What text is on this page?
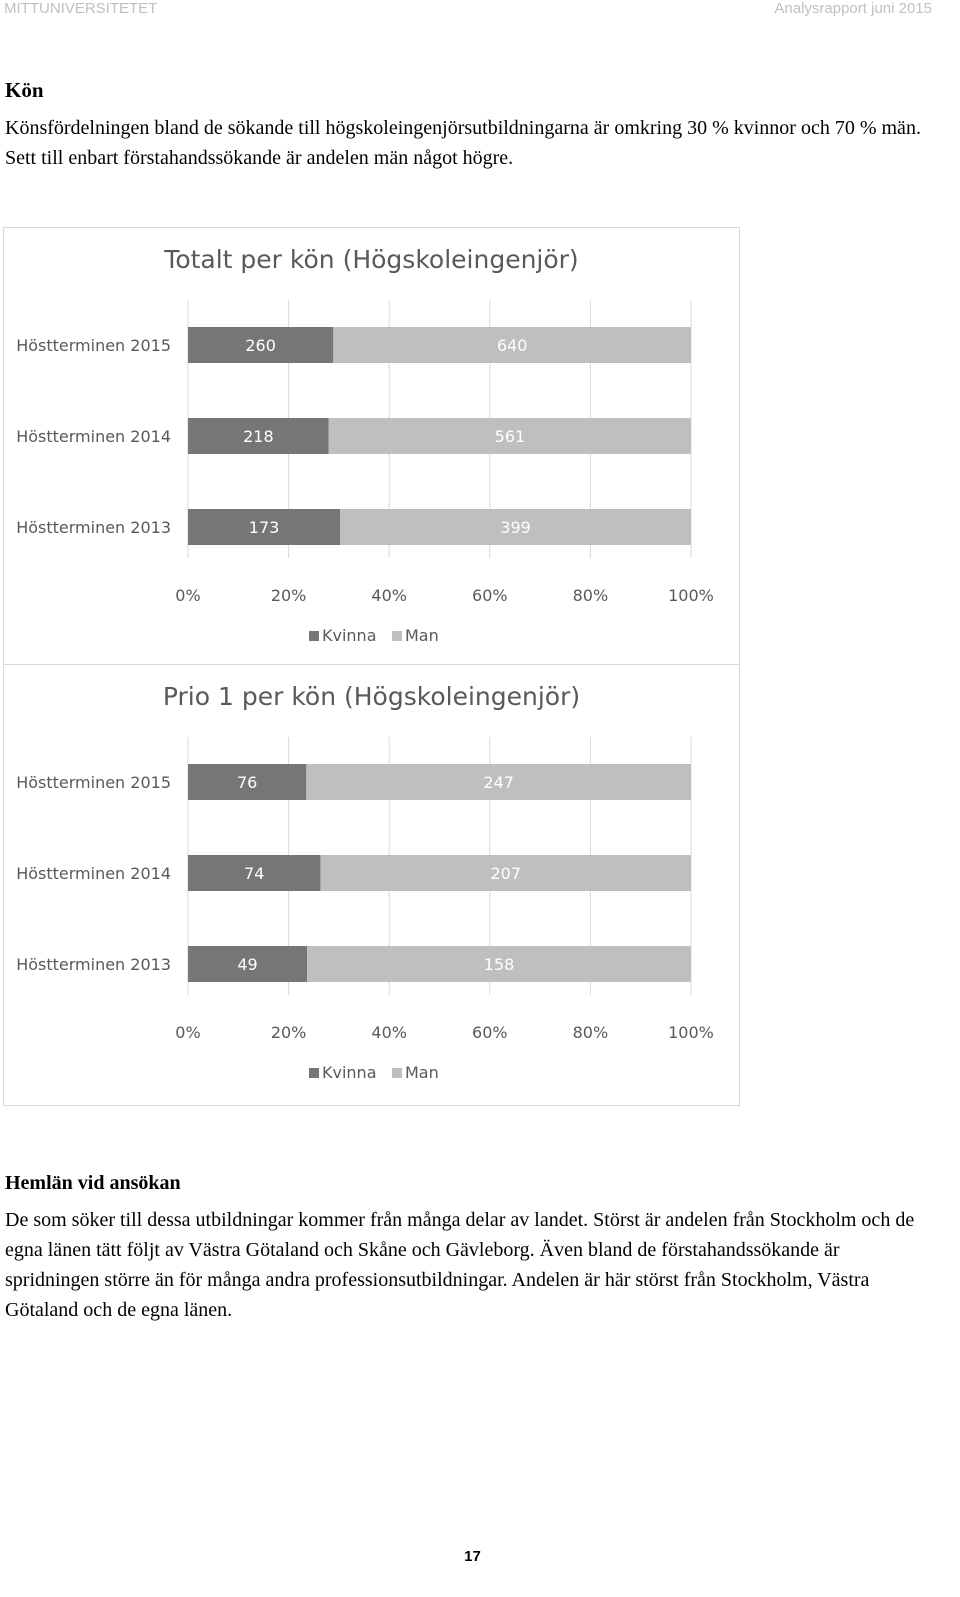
MITTUNIVERSITETET	Analysrapport juni 2015
Kön
Könsfördelningen bland de sökande till högskoleingenjörsutbildningarna är omkring 30 % kvinnor och 70 % män. Sett till enbart förstahandssökande är andelen män något högre.
Totalt per kön (Högskoleingenjör)
Höstterminen 2015	260	640
Höstterminen 2014	218	561
Höstterminen 2013	173	399
0%	20%	40%	60%	80%	100%
Kvinna Man
Prio 1 per kön (Högskoleingenjör)
Höstterminen 2015	76	247
Höstterminen 2014	74	207
Höstterminen 2013	49	158
0%	20%	40%	60%	80%	100%
Kvinna Man
Hemlän vid ansökan
De som söker till dessa utbildningar kommer från många delar av landet. Störst är andelen från Stockholm och de egna länen tätt följt av Västra Götaland och Skåne och Gävleborg. Även bland de förstahandssökande är spridningen större än för många andra professionsutbildningar. Andelen är här störst från Stockholm, Västra Götaland och de egna länen.
17
